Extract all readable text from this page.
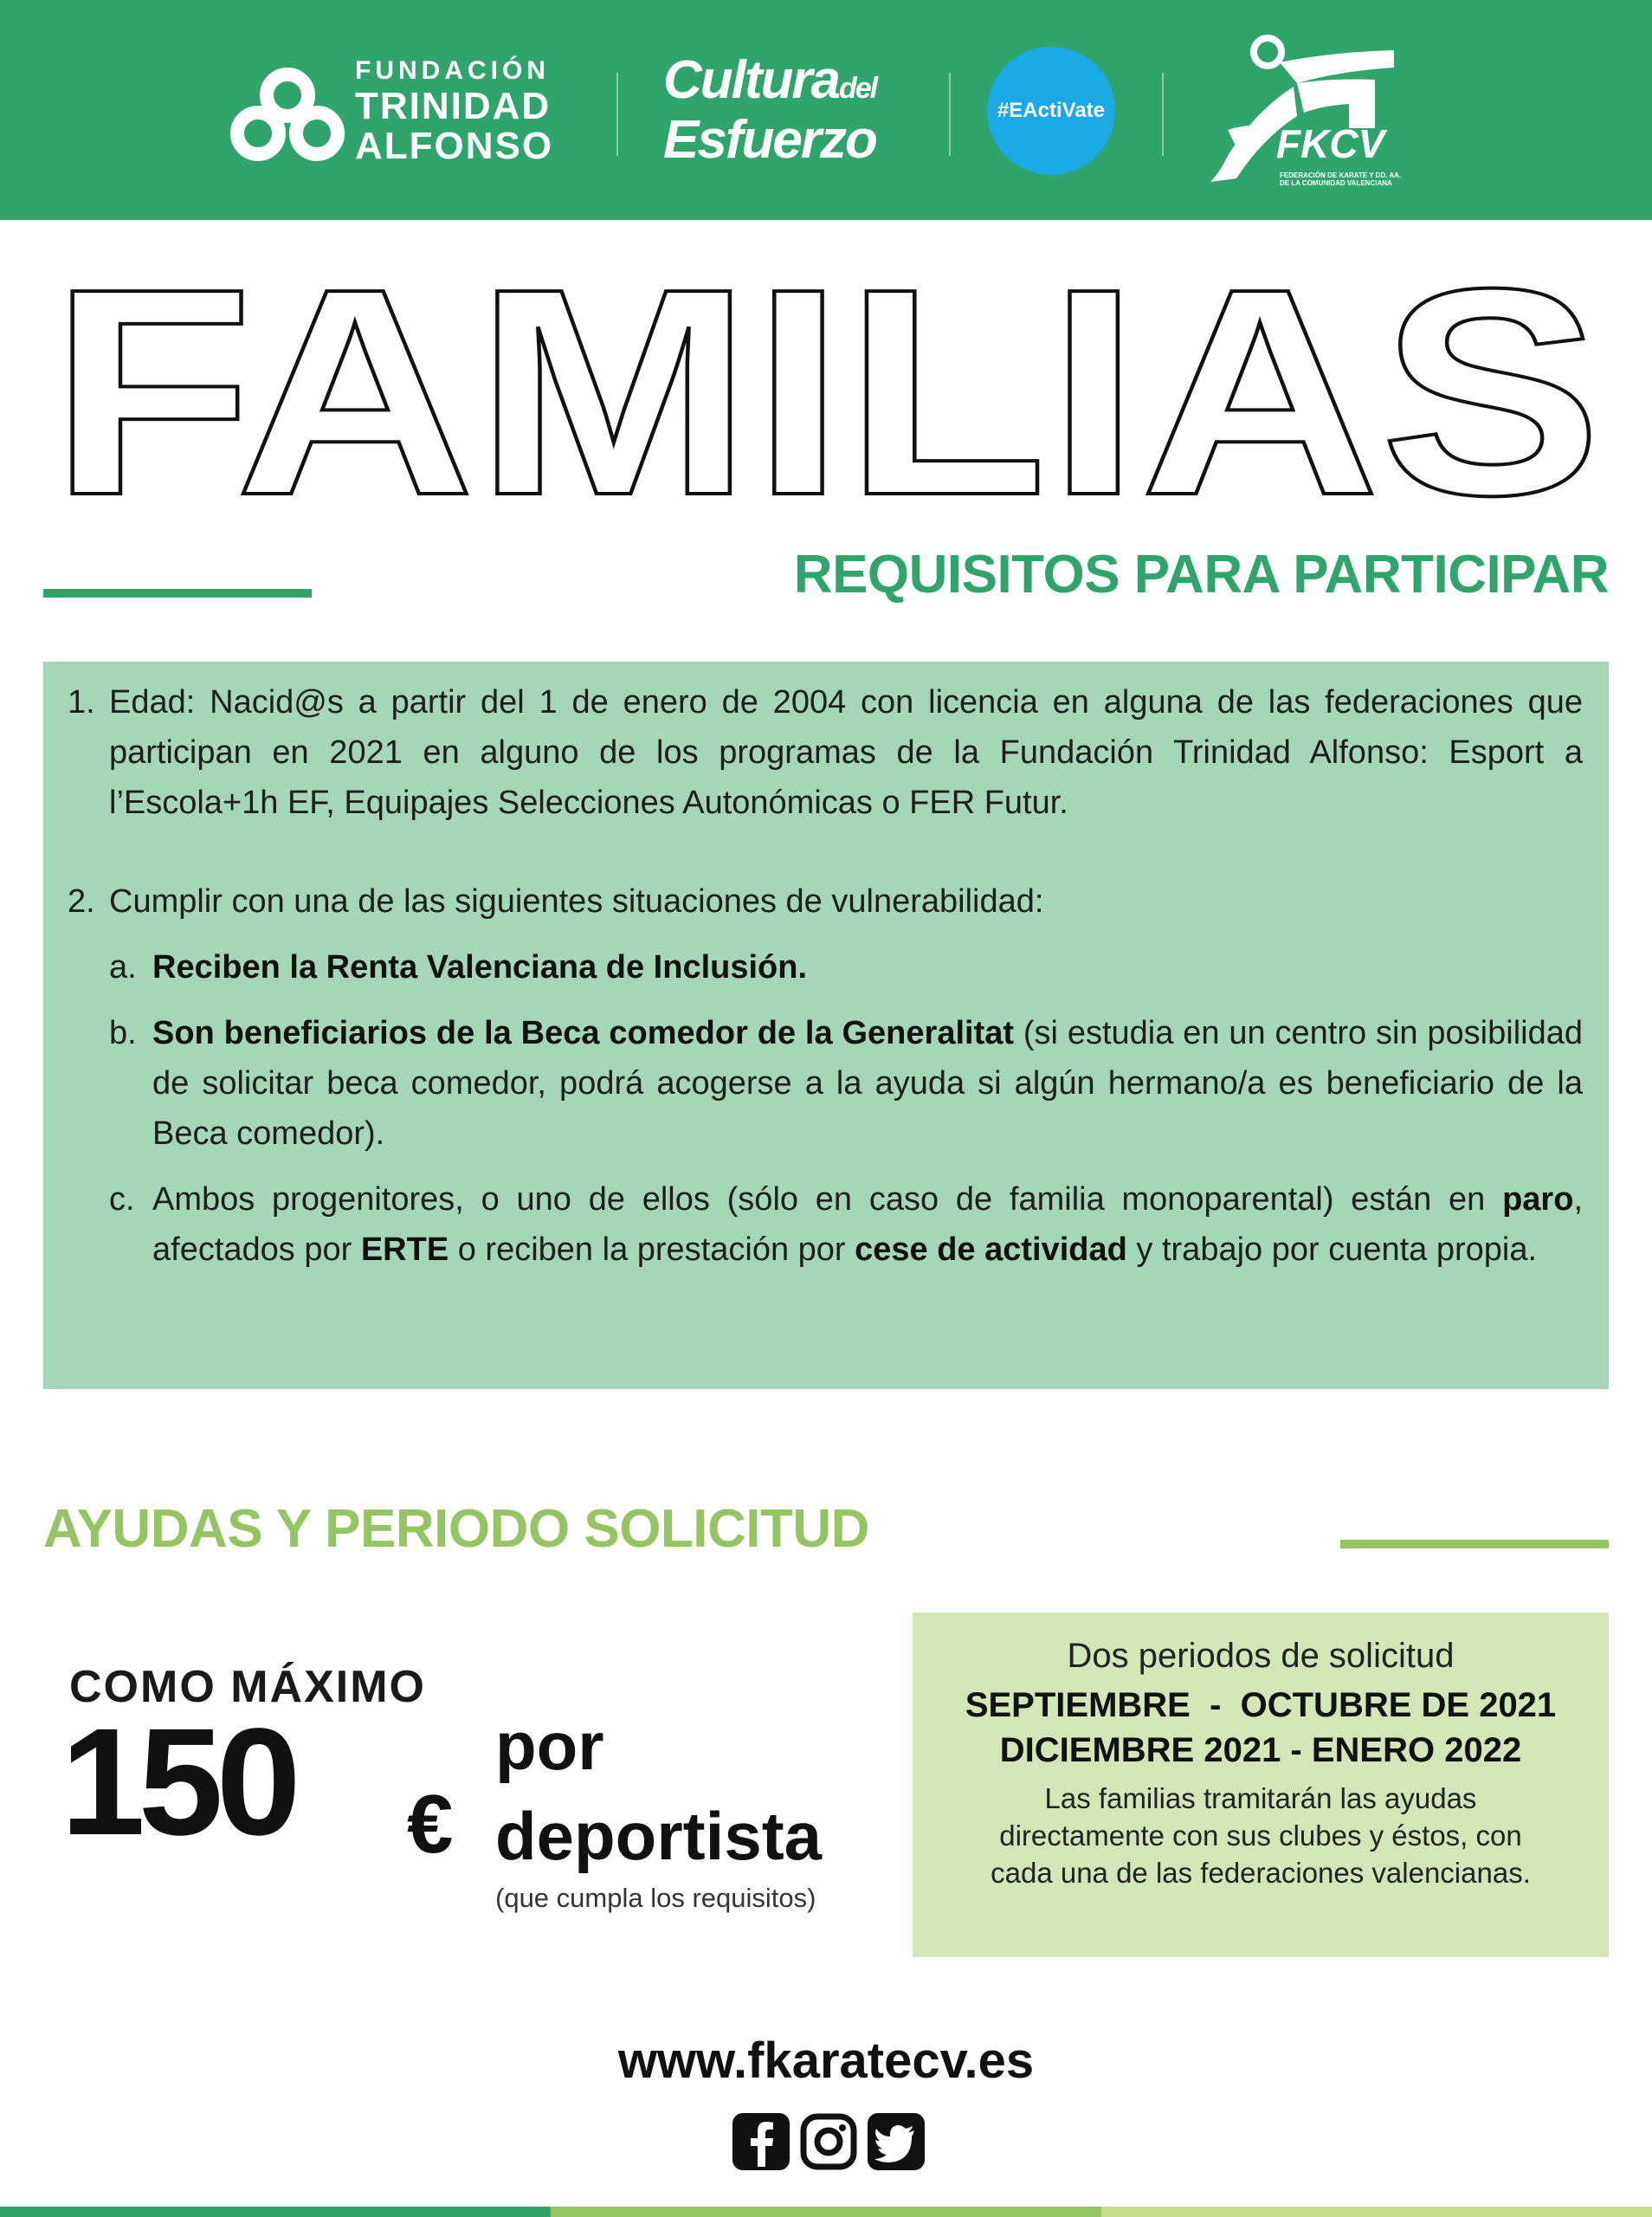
FUNDACIÓN
TRINIDAD
ALFONSO
Culturadel
Esfuerzo	#EActiVate
FKCV
FEDERACIÓN DE KARATE Y DD. AA. DE LA COMUNIDAD VALENCIANA
FAMILIAS
REQUISITOS PARA PARTICIPAR
1. Edad: Nacid@s a partir del 1 de enero de 2004 con licencia en alguna de las federaciones que participan en 2021 en alguno de los programas de la Fundación Trinidad Alfonso: Esport a l’Escola+1h EF, Equipajes Selecciones Autonómicas o FER Futur.
2. Cumplir con una de las siguientes situaciones de vulnerabilidad:
a. Reciben la Renta Valenciana de Inclusión.
b. Son beneficiarios de la Beca comedor de la Generalitat (si estudia en un centro sin posibilidad de solicitar beca comedor, podrá acogerse a la ayuda si algún hermano/a es beneficiario de la Beca comedor).
c. Ambos progenitores, o uno de ellos (sólo en caso de familia monoparental) están en paro, afectados por ERTE o reciben la prestación por cese de actividad y trabajo por cuenta propia.
AYUDAS Y PERIODO SOLICITUD
COMO MÁXIMO
150 €
por
deportista
(que cumpla los requisitos)
Dos periodos de solicitud
SEPTIEMBRE  -  OCTUBRE DE 2021
DICIEMBRE 2021 - ENERO 2022
Las familias tramitarán las ayudas directamente con sus clubes y éstos, con cada una de las federaciones valencianas.
www.fkaratecv.es
